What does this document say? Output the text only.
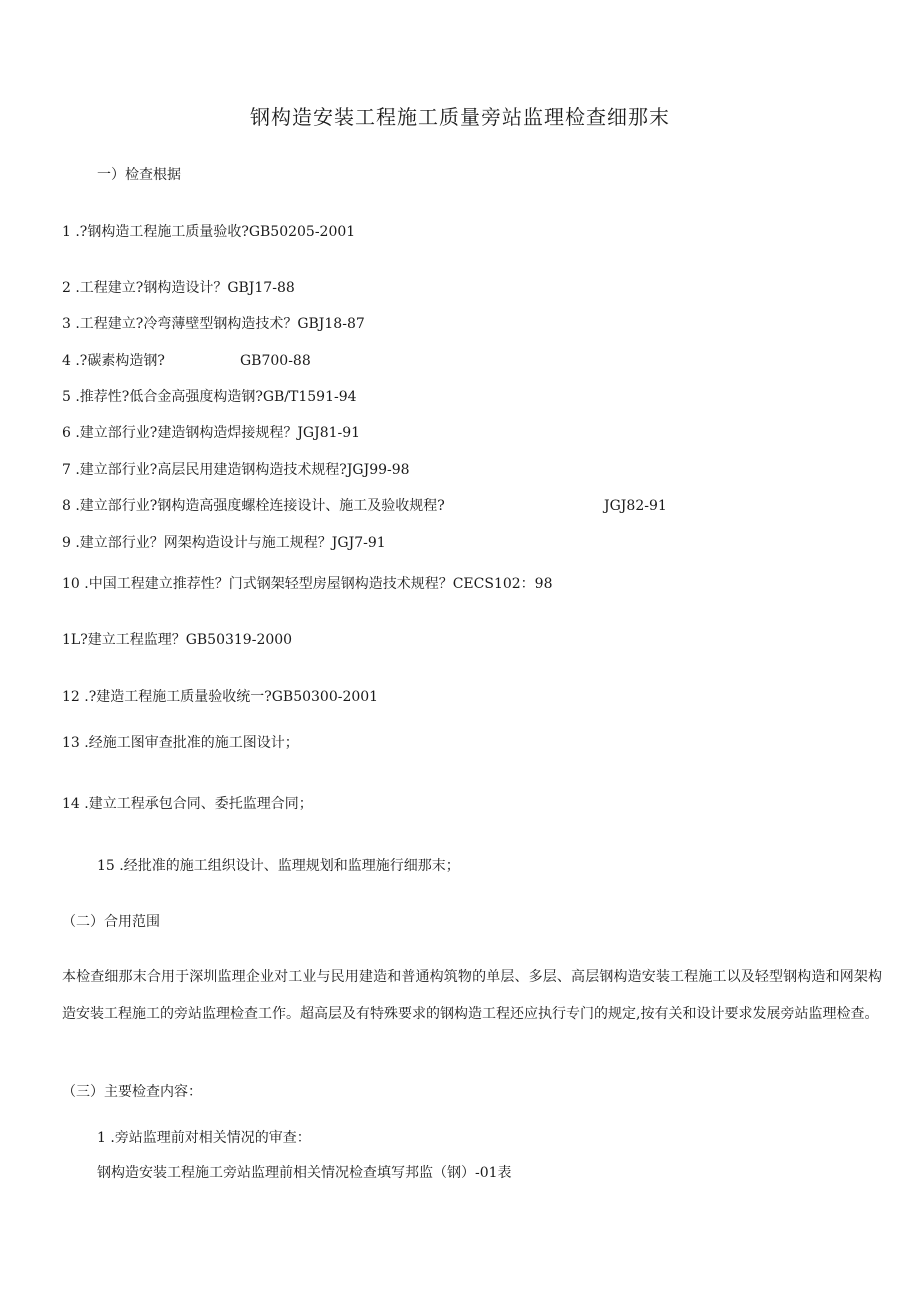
钢构造安装工程施工质量旁站监理检查细那末
一）检查根据
1 .?钢构造工程施工质量验收?GB50205-2001
2 .工程建立?钢构造设计？GBJ17-88
3 .工程建立?冷弯薄壁型钢构造技术？GBJ18-87
4 .?碳素构造钢?	GB700-88
5 .推荐性?低合金高强度构造钢?GB/T1591-94
6 .建立部行业?建造钢构造焊接规程？JGJ81-91
7 .建立部行业?高层民用建造钢构造技术规程?JGJ99-98
8 .建立部行业?钢构造高强度螺栓连接设计、施工及验收规程?	JGJ82-91
9 .建立部行业？网架构造设计与施工规程？JGJ7-91
10 .中国工程建立推荐性？门式钢架轻型房屋钢构造技术规程？CECS102：98
1L?建立工程监理？GB50319-2000
12 .?建造工程施工质量验收统一?GB50300-2001
13 .经施工图审查批准的施工图设计；
14 .建立工程承包合同、委托监理合同；
15 .经批准的施工组织设计、监理规划和监理施行细那末；
（二）合用范围
本检查细那末合用于深圳监理企业对工业与民用建造和普通构筑物的单层、多层、高层钢构造安装工程施工以及轻型钢构造和网架构造安装工程施工的旁站监理检查工作。超高层及有特殊要求的钢构造工程还应执行专门的规定,按有关和设计要求发展旁站监理检查。
（三）主要检查内容：
1 .旁站监理前对相关情况的审查：
钢构造安装工程施工旁站监理前相关情况检查填写邦监（钢）-01表
